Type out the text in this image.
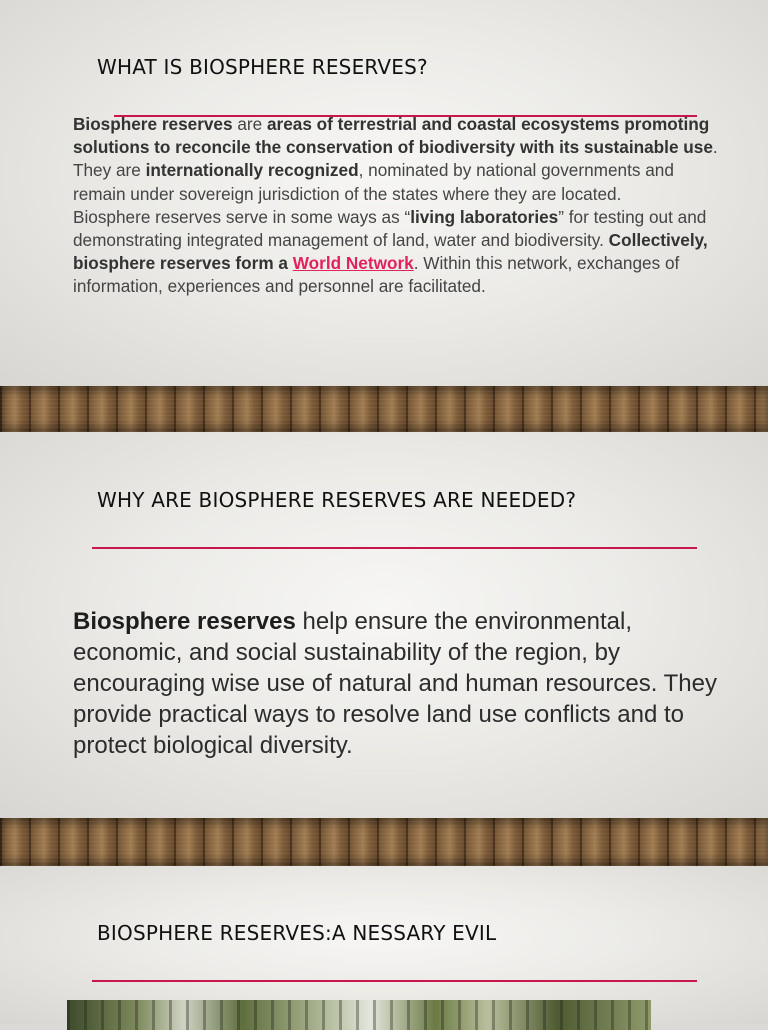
WHAT IS BIOSPHERE RESERVES?
Biosphere reserves are areas of terrestrial and coastal ecosystems promoting solutions to reconcile the conservation of biodiversity with its sustainable use. They are internationally recognized, nominated by national governments and remain under sovereign jurisdiction of the states where they are located.
Biosphere reserves serve in some ways as “living laboratories” for testing out and demonstrating integrated management of land, water and biodiversity. Collectively, biosphere reserves form a World Network. Within this network, exchanges of information, experiences and personnel are facilitated.
WHY ARE BIOSPHERE RESERVES ARE NEEDED?
Biosphere reserves help ensure the environmental, economic, and social sustainability of the region, by encouraging wise use of natural and human resources. They provide practical ways to resolve land use conflicts and to protect biological diversity.
BIOSPHERE RESERVES:A NESSARY EVIL
